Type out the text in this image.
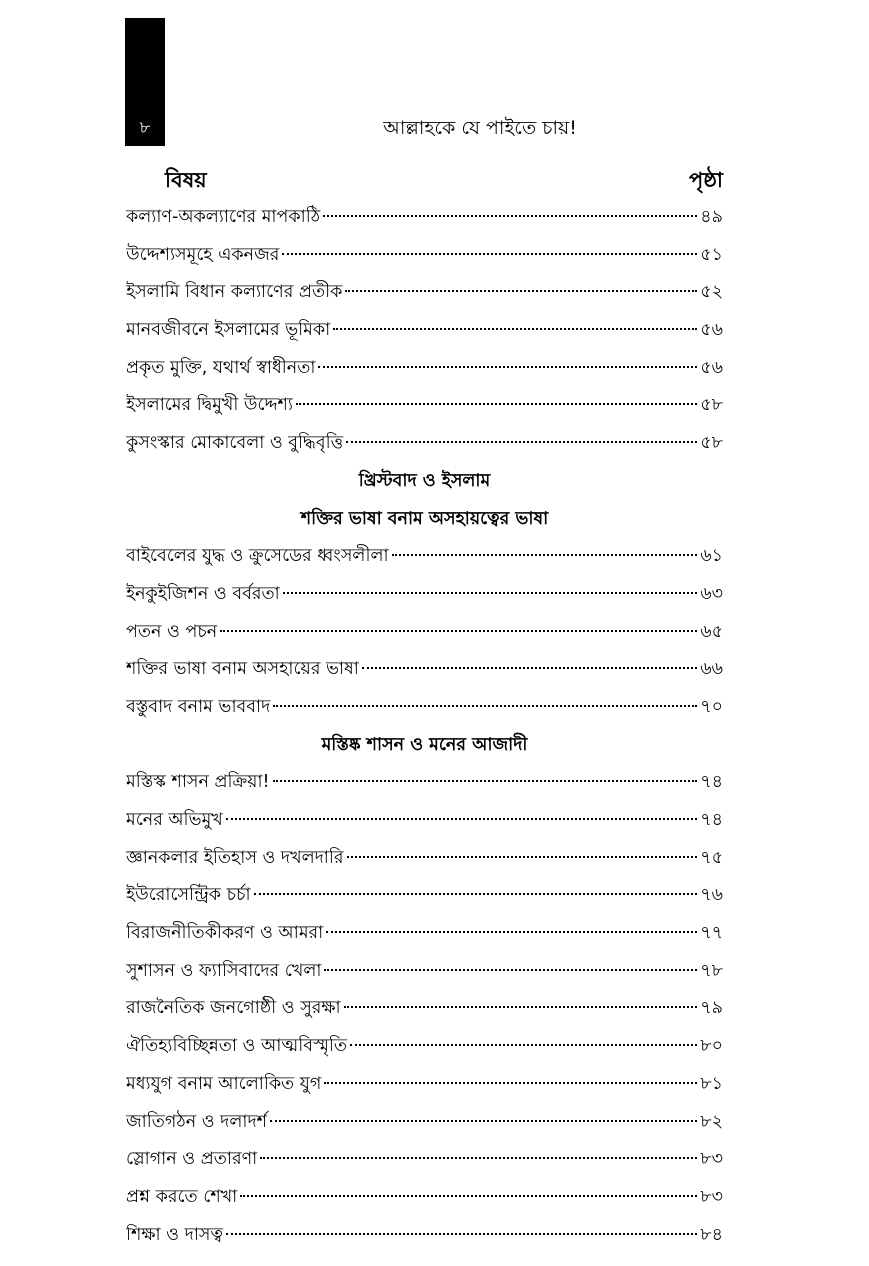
৮	আল্লাহকে যে পাইতে চায়!
বিষয়	পৃষ্ঠা
কল্যাণ-অকল্যাণের মাপকাঠি	৪৯
উদ্দেশ্যসমূহে একনজর	৫১
ইসলামি বিধান কল্যাণের প্রতীক	৫২
মানবজীবনে ইসলামের ভূমিকা	৫৬
প্রকৃত মুক্তি, যথার্থ স্বাধীনতা	৫৬
ইসলামের দ্বিমুখী উদ্দেশ্য	৫৮
কুসংস্কার মোকাবেলা ও বুদ্ধিবৃত্তি	৫৮
খ্রিস্টবাদ ও ইসলাম
শক্তির ভাষা বনাম অসহায়ত্বের ভাষা
বাইবেলের যুদ্ধ ও ক্রুসেডের ধ্বংসলীলা	৬১
ইনকুইজিশন ও বর্বরতা	৬৩
পতন ও পচন	৬৫
শক্তির ভাষা বনাম অসহায়ের ভাষা	৬৬
বস্তুবাদ বনাম ভাববাদ	৭০
মস্তিষ্ক শাসন ও মনের আজাদী
মস্তিস্ক শাসন প্রক্রিয়া!	৭৪
মনের অভিমুখ	৭৪
জ্ঞানকলার ইতিহাস ও দখলদারি	৭৫
ইউরোসেন্ট্রিক চর্চা	৭৬
বিরাজনীতিকীকরণ ও আমরা	৭৭
সুশাসন ও ফ্যাসিবাদের খেলা	৭৮
রাজনৈতিক জনগোষ্ঠী ও সুরক্ষা	৭৯
ঐতিহ্যবিচ্ছিন্নতা ও আত্মবিস্মৃতি	৮০
মধ্যযুগ বনাম আলোকিত যুগ	৮১
জাতিগঠন ও দলাদর্শ	৮২
স্লোগান ও প্রতারণা	৮৩
প্রশ্ন করতে শেখা	৮৩
শিক্ষা ও দাসত্ব	৮৪
